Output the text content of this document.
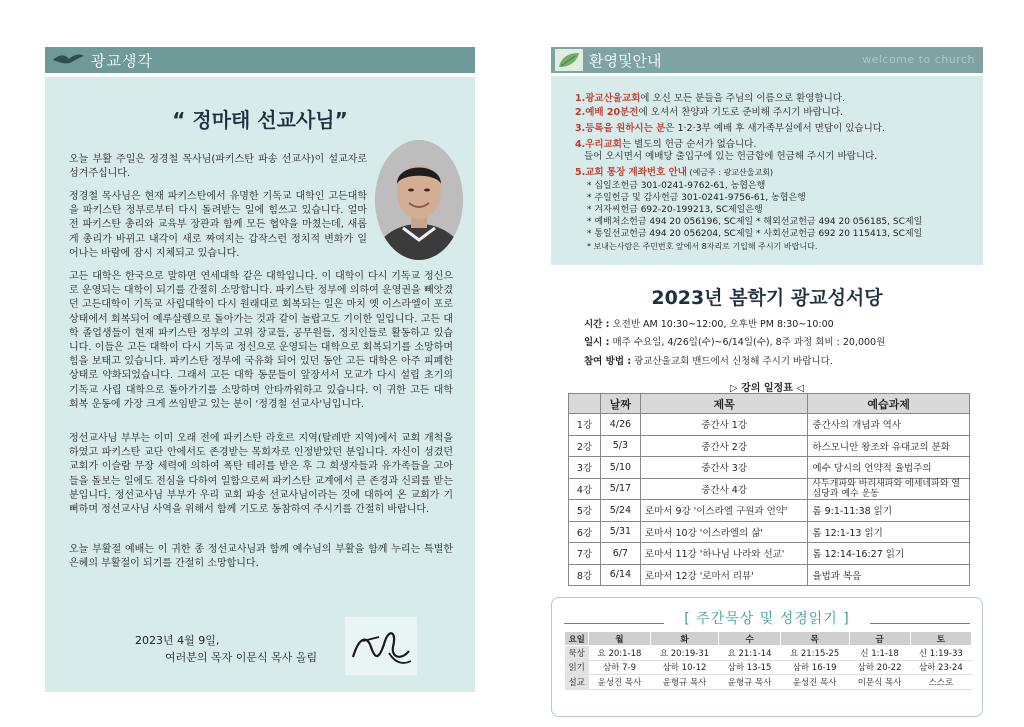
광교생각
“ 정마태 선교사님”

오늘 부활 주일은 정경철 목사님(파키스탄 파송 선교사)이 설교자로 섬겨주십니다.

정경철 목사님은 현재 파키스탄에서 유명한 기독교 대학인 고든대학을 파키스탄 정부로부터 다시 돌려받는 일에 힘쓰고 있습니다. 얼마 전 파키스탄 총리와 교육부 장관과 함께 모든 협약을 마쳤는데, 새롭게 총리가 바뀌고 내각이 새로 짜여지는 갑작스런 정치적 변화가 일어나는 바람에 잠시 지체되고 있습니다.

고든 대학은 한국으로 말하면 연세대학 같은 대학입니다. 이 대학이 다시 기독교 정신으로 운영되는 대학이 되기를 간절히 소망합니다. 파키스탄 정부에 의하여 운영권을 빼앗겼던 고든대학이 기독교 사립대학이 다시 원래대로 회복되는 일은 마치 옛 이스라엘이 포로상태에서 회복되어 예루살렘으로 돌아가는 것과 같이 놀랍고도 기이한 일입니다. 고든 대학 졸업생들이 현재 파키스탄 정부의 고위 장교들, 공무원들, 정치인들로 활동하고 있습니다. 이들은 고든 대학이 다시 기독교 정신으로 운영되는 대학으로 회복되기를 소망하며 힘을 보태고 있습니다. 파키스탄 정부에 국유화 되어 있던 동안 고든 대학은 아주 피폐한 상태로 약화되었습니다. 그래서 고든 대학 동문들이 앞장서서 모교가 다시 설립 초기의 기독교 사립 대학으로 돌아가기를 소망하며 안타까워하고 있습니다. 이 귀한 고든 대학 회복 운동에 가장 크게 쓰임받고 있는 분이 '정경철 선교사'님입니다.

정선교사님 부부는 이미 오래 전에 파키스탄 라호르 지역(탈레반 지역)에서 교회 개척을 하였고 파키스탄 교단 안에서도 존경받는 목회자로 인정받았던 분입니다. 자신이 섬겼던 교회가 이슬람 무장 세력에 의하여 폭탄 테러를 받은 후 그 희생자들과 유가족들을 고아들을 돌보는 일에도 전심을 다하여 일함으로써 파키스탄 교계에서 큰 존경과 신뢰를 받는 분입니다. 정선교사님 부부가 우리 교회 파송 선교사님이라는 것에 대하여 온 교회가 기뻐하며 정선교사님 사역을 위해서 함께 기도로 동참하여 주시기를 간절히 바랍니다.

오늘 부활절 예배는 이 귀한 종 정선교사님과 함께 예수님의 부활을 함께 누리는 특별한 은혜의 부활절이 되기를 간절히 소망합니다.

2023년 4월 9일,
여러분의 목자 이문식 목사 올림
환영및안내	welcome to church
1.광교산울교회에 오신 모든 분들을 주님의 이름으로 환영합니다.
2.예배 20분전에 오셔서 찬양과 기도로 준비해 주시기 바랍니다.
3.등록을 원하시는 분은 1·2·3부 예배 후 새가족부실에서 면담이 있습니다.
4.우리교회는 별도의 헌금 순서가 없습니다.
들어 오시면서 예배당 출입구에 있는 헌금함에 헌금해 주시기 바랍니다.
5.교회 통장 계좌번호 안내 (예금주 : 광교산울교회)
* 십일조헌금 301-0241-9762-61, 농협은행
* 주일헌금 및 감사헌금 301-0241-9756-61, 농협은행
* 겨자씨헌금 692-20-199213, SC제일은행
* 예배처소헌금 494 20 056196, SC제일 * 해외선교헌금 494 20 056185, SC제일
* 통일선교헌금 494 20 056204, SC제일 * 사회선교헌금 692 20 115413, SC제일
* 보내는사람은 주민번호 앞에서 8자리로 기입해 주시기 바랍니다.
2023년 봄학기 광교성서당
시간 : 오전반 AM 10:30~12:00, 오후반 PM 8:30~10:00
일시 : 매주 수요일, 4/26일(수)~6/14일(수), 8주 과정 회비 : 20,000원
참여 방법 : 광교산울교회 밴드에서 신청해 주시기 바랍니다.
▷ 강의 일정표 ◁
	날짜	제목	예습과제
1강	4/26	중간사 1강	중간사의 개념과 역사
2강	5/3	중간사 2강	하스모니안 왕조와 유대교의 분화
3강	5/10	중간사 3강	예수 당시의 언약적 율법주의
4강	5/17	중간사 4강	사두개파와 바리새파와 에세네파와 열심당과 예수 운동
5강	5/24	로마서 9강 '이스라엘 구원과 언약'	롬 9:1-11:38 읽기
6강	5/31	로마서 10강 '이스라엘의 삶'	롬 12:1-13 읽기
7강	6/7	로마서 11강 '하나님 나라와 선교'	롬 12:14-16:27 읽기
8강	6/14	로마서 12강 '로마서 리뷰'	율법과 복음
[ 주간묵상 및 성경읽기 ]
요일	월	화	수	목	금	토
묵상	요 20:1-18	요 20:19-31	요 21:1-14	요 21:15-25	신 1:1-18	신 1:19-33
읽기	삼하 7-9	삼하 10-12	삼하 13-15	삼하 16-19	삼하 20-22	삼하 23-24
설교	윤성진 목사	윤형규 목사	윤형규 목사	윤성진 목사	이문식 목사	스스로
